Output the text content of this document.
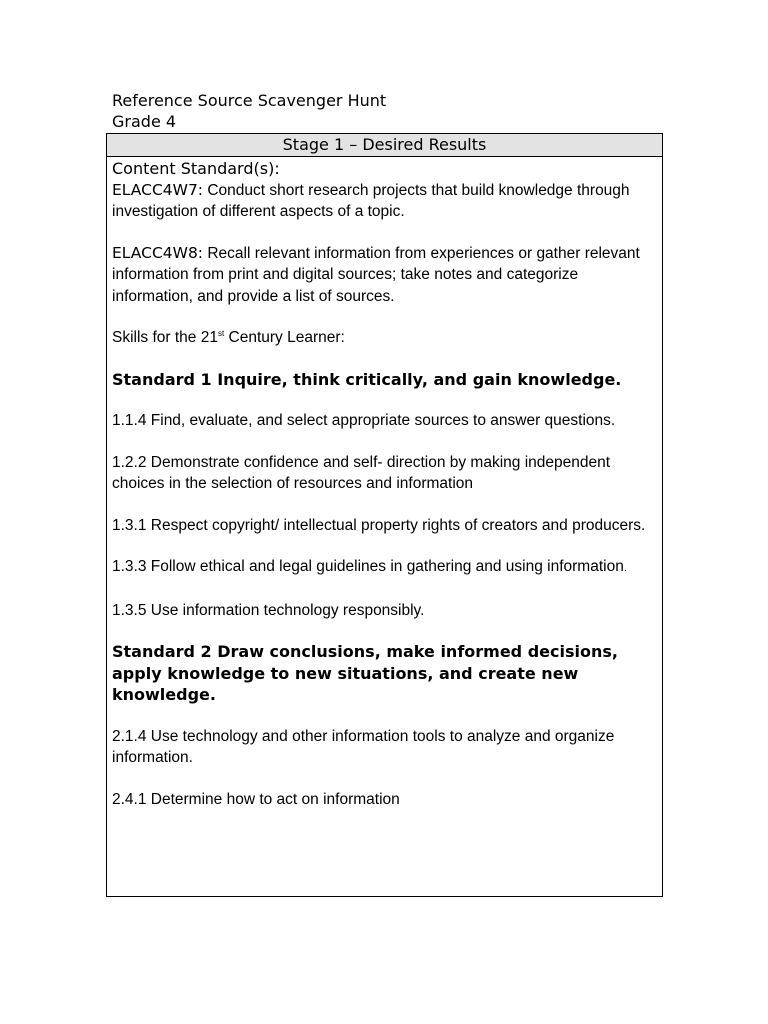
Reference Source Scavenger Hunt
Grade 4
Stage 1 – Desired Results

Content Standard(s):

ELACC4W7: Conduct short research projects that build knowledge through investigation of different aspects of a topic.

ELACC4W8: Recall relevant information from experiences or gather relevant information from print and digital sources; take notes and categorize information, and provide a list of sources.

Skills for the 21st Century Learner:

Standard 1 Inquire, think critically, and gain knowledge.

1.1.4 Find, evaluate, and select appropriate sources to answer questions.

1.2.2 Demonstrate confidence and self- direction by making independent choices in the selection of resources and information

1.3.1 Respect copyright/ intellectual property rights of creators and producers.

1.3.3 Follow ethical and legal guidelines in gathering and using information.

1.3.5 Use information technology responsibly.

Standard 2 Draw conclusions, make informed decisions, apply knowledge to new situations, and create new knowledge.

2.1.4 Use technology and other information tools to analyze and organize information.

2.4.1 Determine how to act on information
